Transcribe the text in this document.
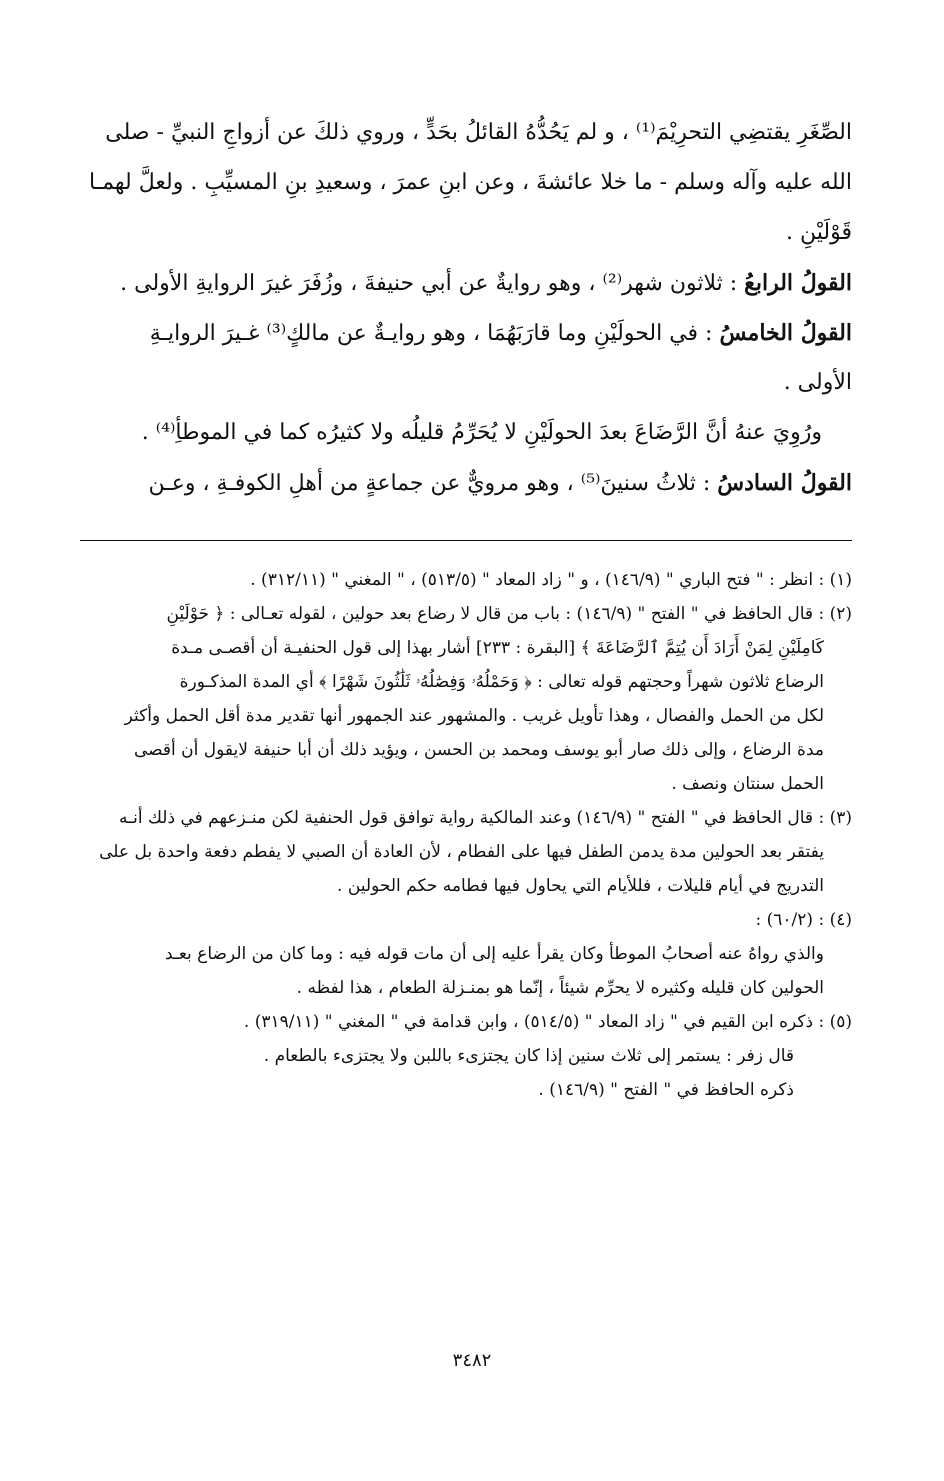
الصِّغَرِ يقتضِي التحرِيْمَ⁽¹⁾ ، و لم يَحُدُّهُ القائلُ بحَدٍّ ، وروي ذلكَ عن أزواجِ النبيِّ - صلى
الله عليه وآله وسلم - ما خلا عائشةَ ، وعن ابنِ عمرَ ، وسعيدِ بنِ المسيِّبِ . ولعلَّ لهمـا
قَوْلَيْنِ .
القولُ الرابعُ : ثلاثون شهر⁽²⁾ ، وهو روايةٌ عن أبي حنيفةَ ، وزُفَرَ غيرَ الروايةِ الأولى .
القولُ الخامسُ : في الحولَيْنِ وما قارَبَهُمَا ، وهو روايـةٌ عن مالكٍ⁽³⁾ غـيرَ الروايـةِ
الأولى .
ورُوِيَ عنهُ أنَّ الرَّضَاعَ بعدَ الحولَيْنِ لا يُحَرِّمُ قليلُه ولا كثيرُه كما في الموطأِ⁽⁴⁾ .
القولُ السادسُ : ثلاثُ سنينَ⁽⁵⁾ ، وهو مرويٌّ عن جماعةٍ من أهلِ الكوفـةِ ، وعـن
(١) : انظر : " فتح الباري " (١٤٦/٩) ، و " زاد المعاد " (٥١٣/٥) ، " المغني " (٣١٢/١١) .
(٢) : قال الحافظ في " الفتح " (١٤٦/٩) : باب من قال لا رضاع بعد حولين ، لقوله تعـالى : ﴿ حَوْلَيْنِ
كَامِلَيْنِ لِمَنْ أَرَادَ أَن يُتِمَّ ٱلرَّضَاعَةَ ﴾ [البقرة : ٢٣٣] أشار بهذا إلى قول الحنفيـة أن أقصـى مـدة
الرضاع ثلاثون شهراً وحجتهم قوله تعالى : ﴿ وَحَمْلُهُۥ وَفِصَٰلُهُۥ ثَلَٰثُونَ شَهْرًا ﴾ أي المدة المذكـورة
لكل من الحمل والفصال ، وهذا تأويل غريب . والمشهور عند الجمهور أنها تقدير مدة أقل الحمل وأكثر
مدة الرضاع ، وإلى ذلك صار أبو يوسف ومحمد بن الحسن ، ويؤيد ذلك أن أبا حنيفة لايقول أن أقصى
الحمل سنتان ونصف .
(٣) : قال الحافظ في " الفتح " (١٤٦/٩) وعند المالكية رواية توافق قول الحنفية لكن منـزعهم في ذلك أنـه
يفتقر بعد الحولين مدة يدمن الطفل فيها على الفطام ، لأن العادة أن الصبي لا يفطم دفعة واحدة بل على
التدريج في أيام قليلات ، فللأيام التي يحاول فيها فطامه حكم الحولين .
(٤) : (٦٠/٢) :
والذي رواهُ عنه أصحابُ الموطأ وكان يقرأ عليه إلى أن مات قوله فيه : وما كان من الرضاع بعـد
الحولين كان قليله وكثيره لا يحرِّم شيئاً ، إنّما هو بمنـزلة الطعام ، هذا لفظه .
(٥) : ذكره ابن القيم في " زاد المعاد " (٥١٤/٥) ، وابن قدامة في " المغني " (٣١٩/١١) .
قال زفر : يستمر إلى ثلاث سنين إذا كان يجتزىء باللبن ولا يجتزىء بالطعام .
ذكره الحافظ في " الفتح " (١٤٦/٩) .
٣٤٨٢
